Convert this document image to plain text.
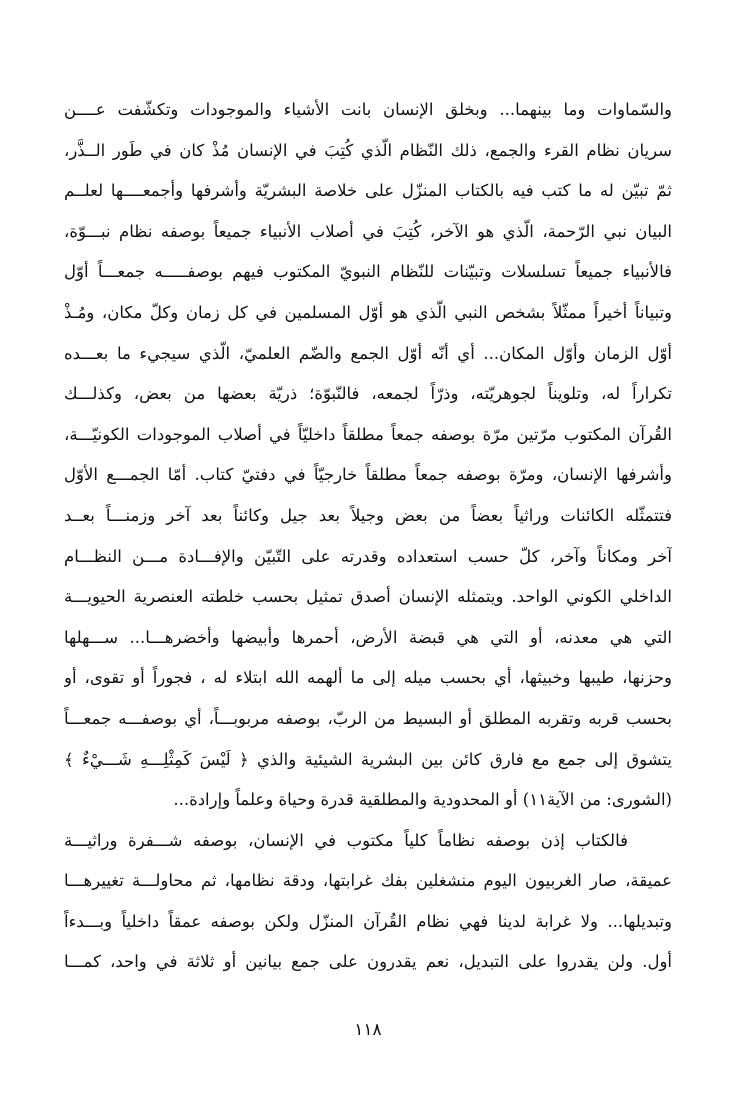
والسّماوات وما بينهما... وبخلق الإنسان بانت الأشياء والموجودات وتكشّفت عــــن
سريان نظام القرء والجمع، ذلك النّظام الّذي كُتِبَ في الإنسان مُذْ كان في طَور الــذَّر،
ثمّ تبيّن له ما كتب فيه بالكتاب المنزّل على خلاصة البشريّة وأشرفها وأجمعــــها لعلــم
البيان نبي الرّحمة، الّذي هو الآخر، كُتِبَ في أصلاب الأنبياء جميعاً بوصفه نظام نبـــوّة،
فالأنبياء جميعاً تسلسلات وتبيّنات للنّظام النبويّ المكتوب فيهم بوصفـــــه جمعـــاً أوّل
وتبياناً أخيراً ممثّلاً بشخص النبي الّذي هو أوّل المسلمين في كل زمان وكلّ مكان، ومُـذْ
أوّل الزمان وأوّل المكان... أي أنّه أوّل الجمع والضّم العلميّ، الّذي سيجيء ما بعـــده
تكراراً له، وتلويناً لجوهريّته، وذرّاً لجمعه، فالنّبوّة؛ ذريّة بعضها من بعض، وكذلـــك
القُرآن المكتوب مرّتين مرّة بوصفه جمعاً مطلقاً داخليّاً في أصلاب الموجودات الكونيّـــة،
وأشرفها الإنسان، ومرّة بوصفه جمعاً مطلقاً خارجيّاً في دفتيّ كتاب. أمّا الجمـــع الأوّل
فتتمثّله الكائنات وراثياً بعضاً من بعض وجيلاً بعد جيل وكائناً بعد آخر وزمنـــاً بعــد
آخر ومكاناً وآخر، كلّ حسب استعداده وقدرته على التّبيّن والإفـــادة مـــن النظـــام
الداخلي الكوني الواحد. ويتمثله الإنسان أصدق تمثيل بحسب خلطته العنصرية الحيويـــة
التي هي معدنه، أو التي هي قبضة الأرض، أحمرها وأبيضها وأخضرهـــا... ســـهلها
وحزنها، طيبها وخبيثها، أي بحسب ميله إلى ما ألهمه الله ابتلاء له ، فجوراً أو تقوى، أو
بحسب قربه وتقربه المطلق أو البسيط من الربّ، بوصفه مربوبـــاً، أي بوصفـــه جمعـــاً
يتشوق إلى جمع مع فارق كائن بين البشرية الشيئية والذي ﴿ لَيْسَ كَمِثْلِـــهِ شَـــيْءٌ ﴾
(الشورى: من الآية١١) أو المحدودية والمطلقية قدرة وحياة وعلماً وإرادة...
فالكتاب إذن بوصفه نظاماً كلياً مكتوب في الإنسان، بوصفه شـــفرة وراثيـــة
عميقة، صار الغربيون اليوم منشغلين بفك غرابتها، ودقة نظامها، ثم محاولـــة تغييرهـــا
وتبديلها... ولا غرابة لدينا فهي نظام القُرآن المنزّل ولكن بوصفه عمقاً داخلياً وبـــدءاً
أول. ولن يقدروا على التبديل، نعم يقدرون على جمع بيانين أو ثلاثة في واحد، كمـــا
١١٨
